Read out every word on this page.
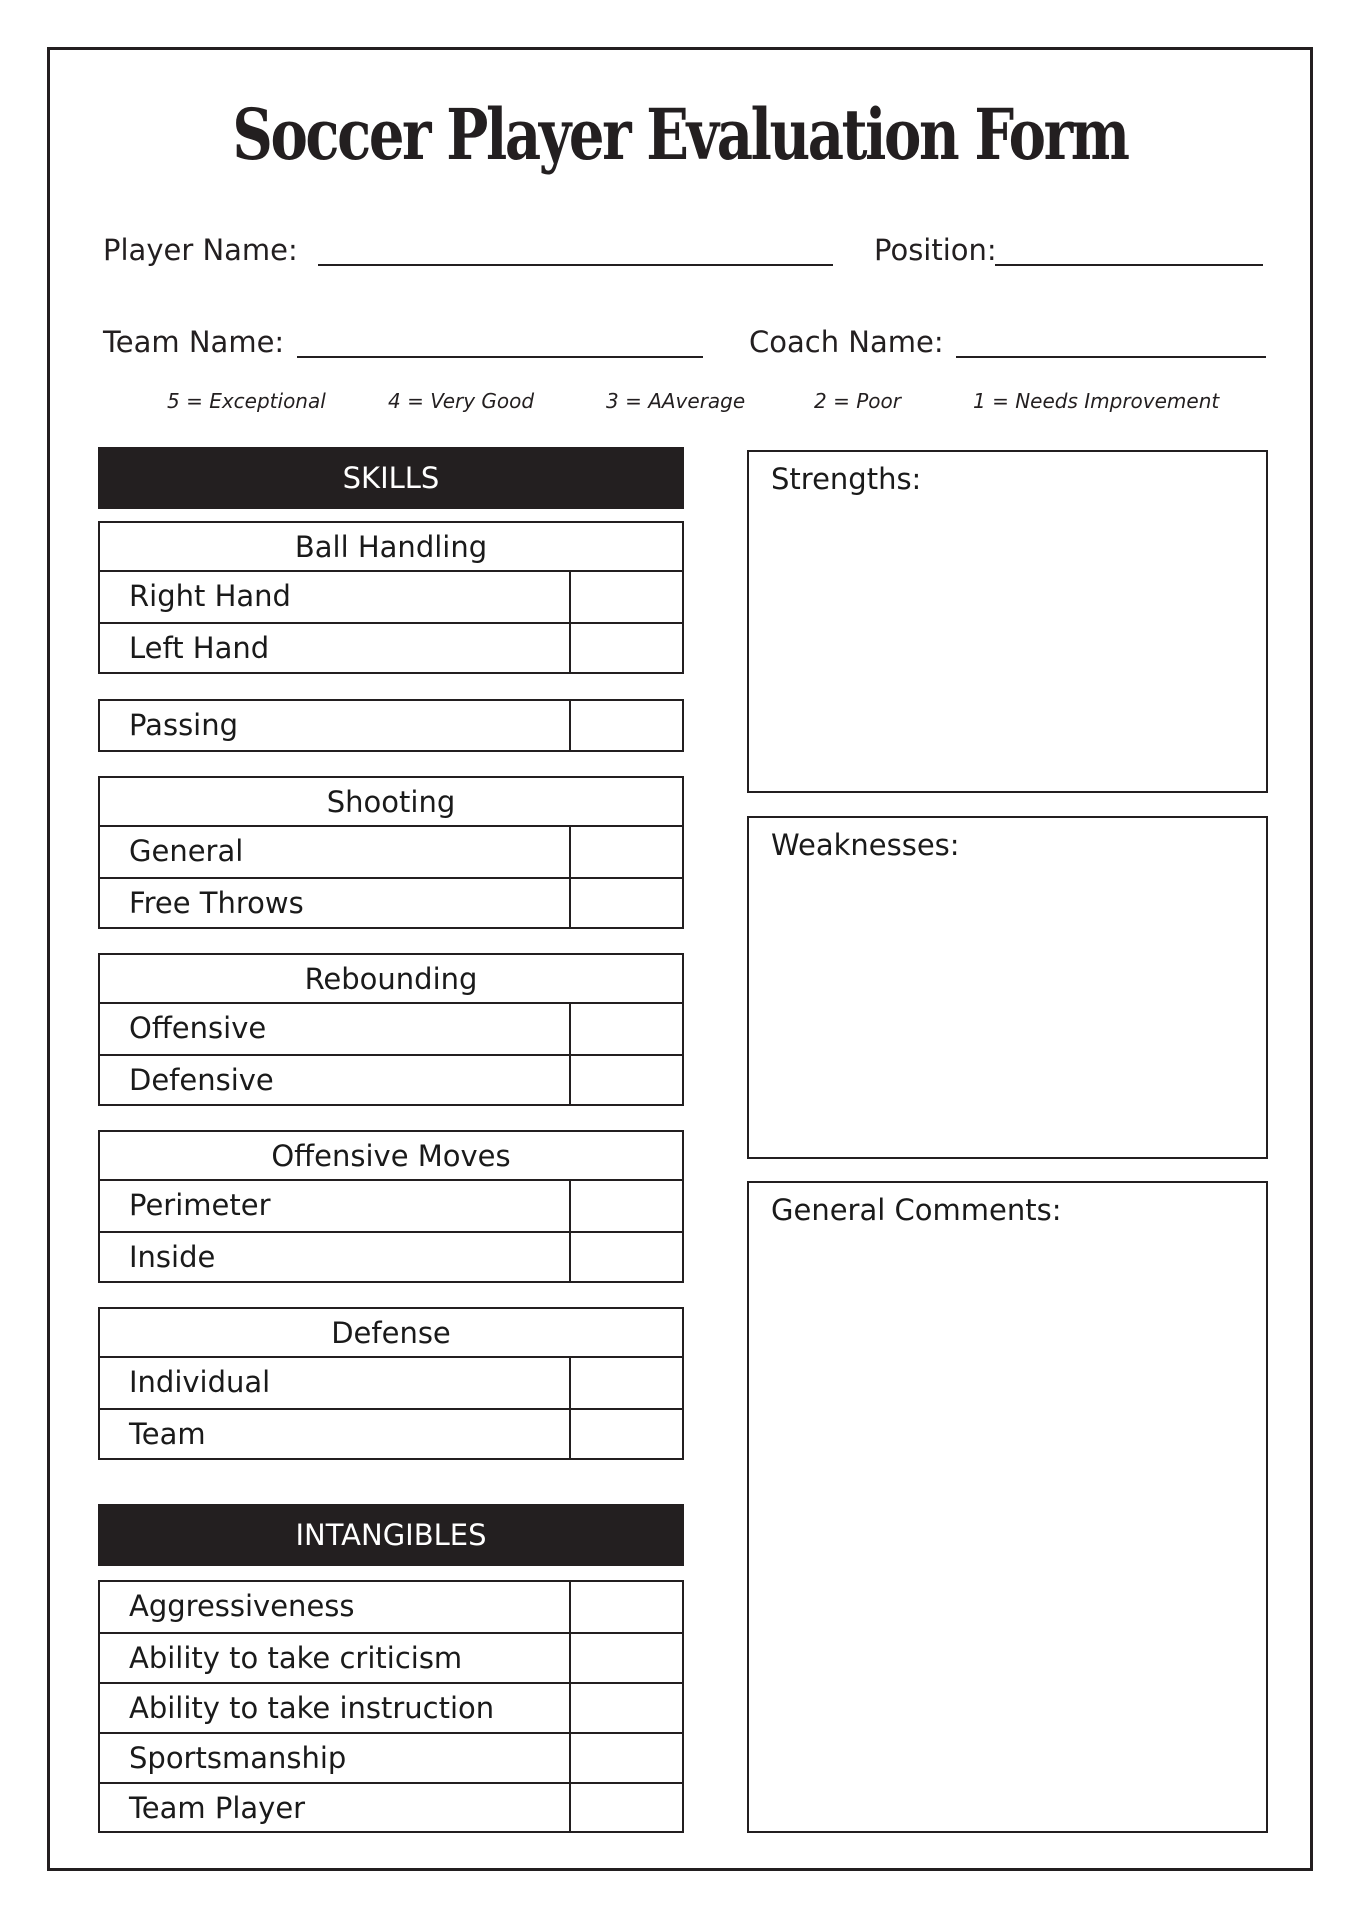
Soccer Player Evaluation Form
Player Name:	Position:
Team Name:	Coach Name:
5 = Exceptional	4 = Very Good	3 = AAverage	2 = Poor	1 = Needs Improvement
SKILLS
Ball Handling
Right Hand
Left Hand
Passing
Shooting
General
Free Throws
Rebounding
Offensive
Defensive
Offensive Moves
Perimeter
Inside
Defense
Individual
Team
INTANGIBLES
Aggressiveness
Ability to take criticism
Ability to take instruction
Sportsmanship
Team Player
Strengths:
Weaknesses:
General Comments:
